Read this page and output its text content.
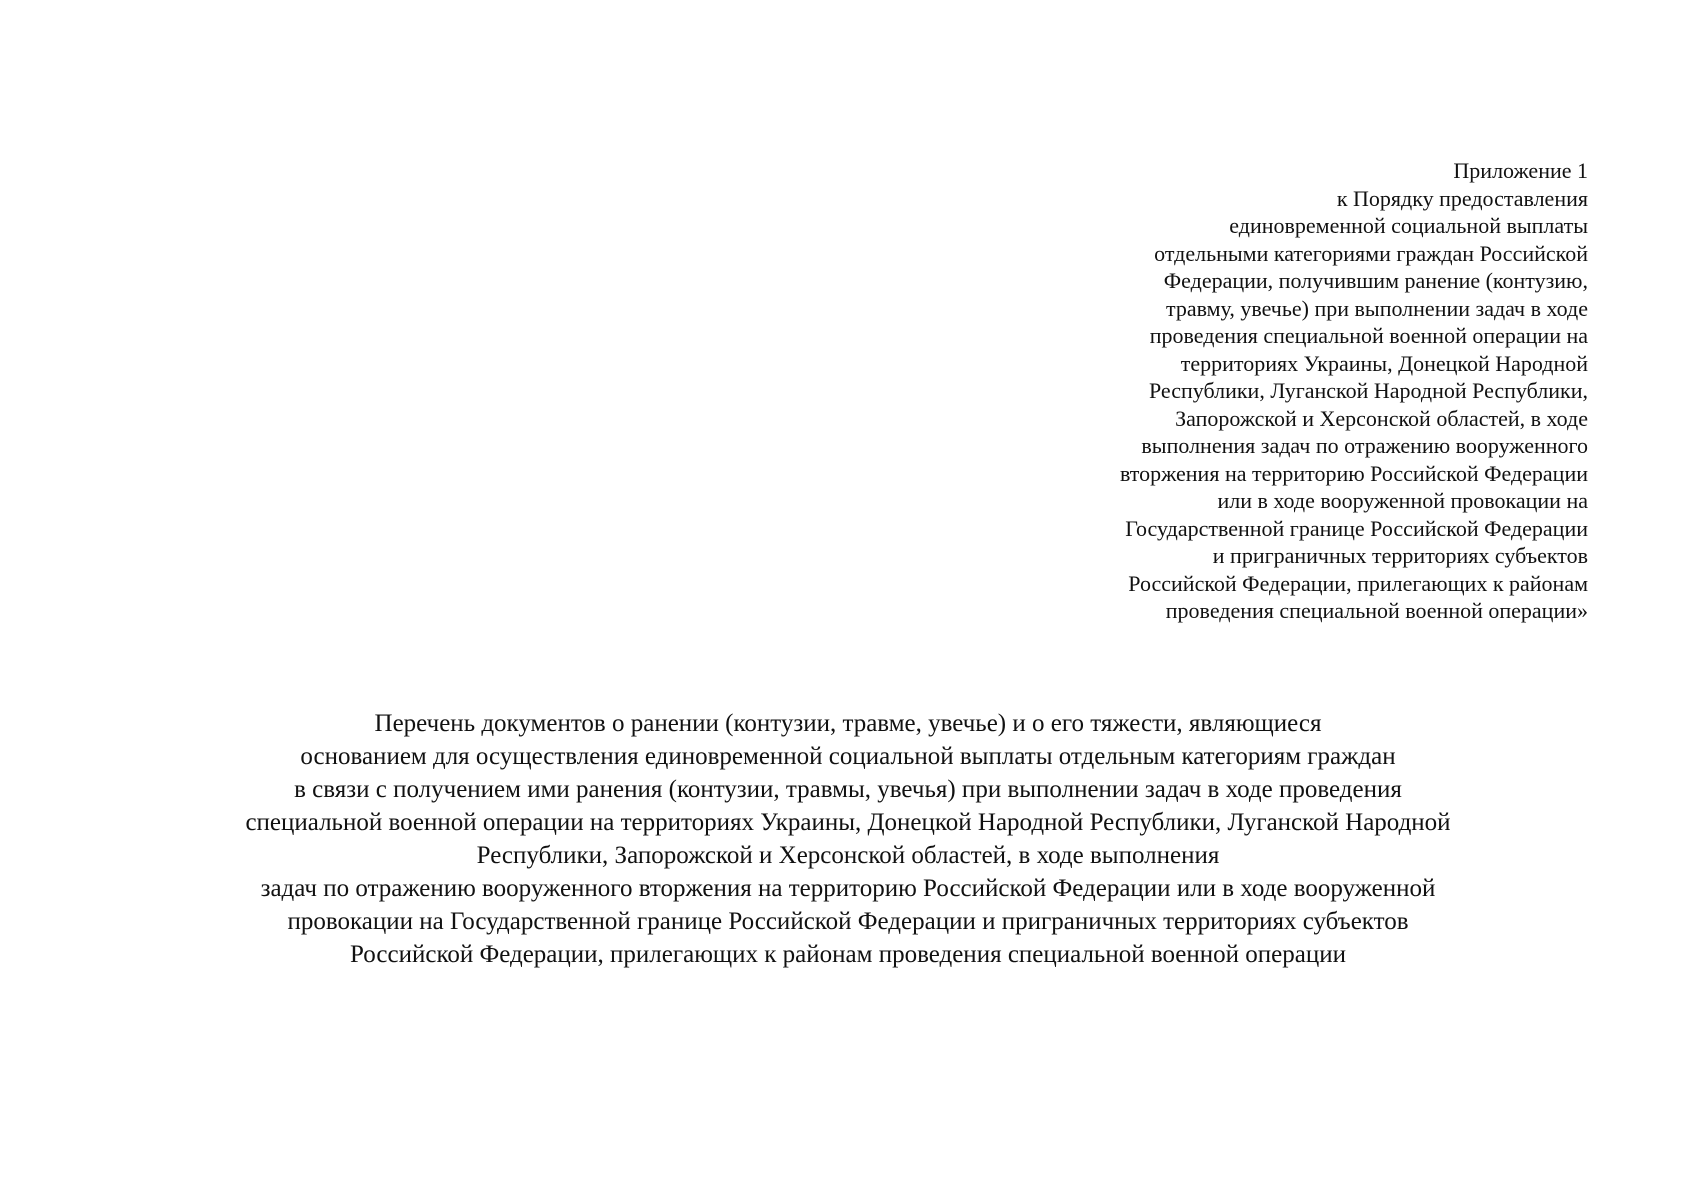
Приложение 1
к Порядку предоставления
единовременной социальной выплаты
отдельными категориями граждан Российской
Федерации, получившим ранение (контузию,
травму, увечье) при выполнении задач в ходе
проведения специальной военной операции на
территориях Украины, Донецкой Народной
Республики, Луганской Народной Республики,
Запорожской и Херсонской областей, в ходе
выполнения задач по отражению вооруженного
вторжения на территорию Российской Федерации
или в ходе вооруженной провокации на
Государственной границе Российской Федерации
и приграничных территориях субъектов
Российской Федерации, прилегающих к районам
проведения специальной военной операции»
Перечень документов о ранении (контузии, травме, увечье) и о его тяжести, являющиеся
основанием для осуществления единовременной социальной выплаты отдельным категориям граждан
в связи с получением ими ранения (контузии, травмы, увечья) при выполнении задач в ходе проведения
специальной военной операции на территориях Украины, Донецкой Народной Республики, Луганской Народной
Республики, Запорожской и Херсонской областей, в ходе выполнения
задач по отражению вооруженного вторжения на территорию Российской Федерации или в ходе вооруженной
провокации на Государственной границе Российской Федерации и приграничных территориях субъектов
Российской Федерации, прилегающих к районам проведения специальной военной операции
